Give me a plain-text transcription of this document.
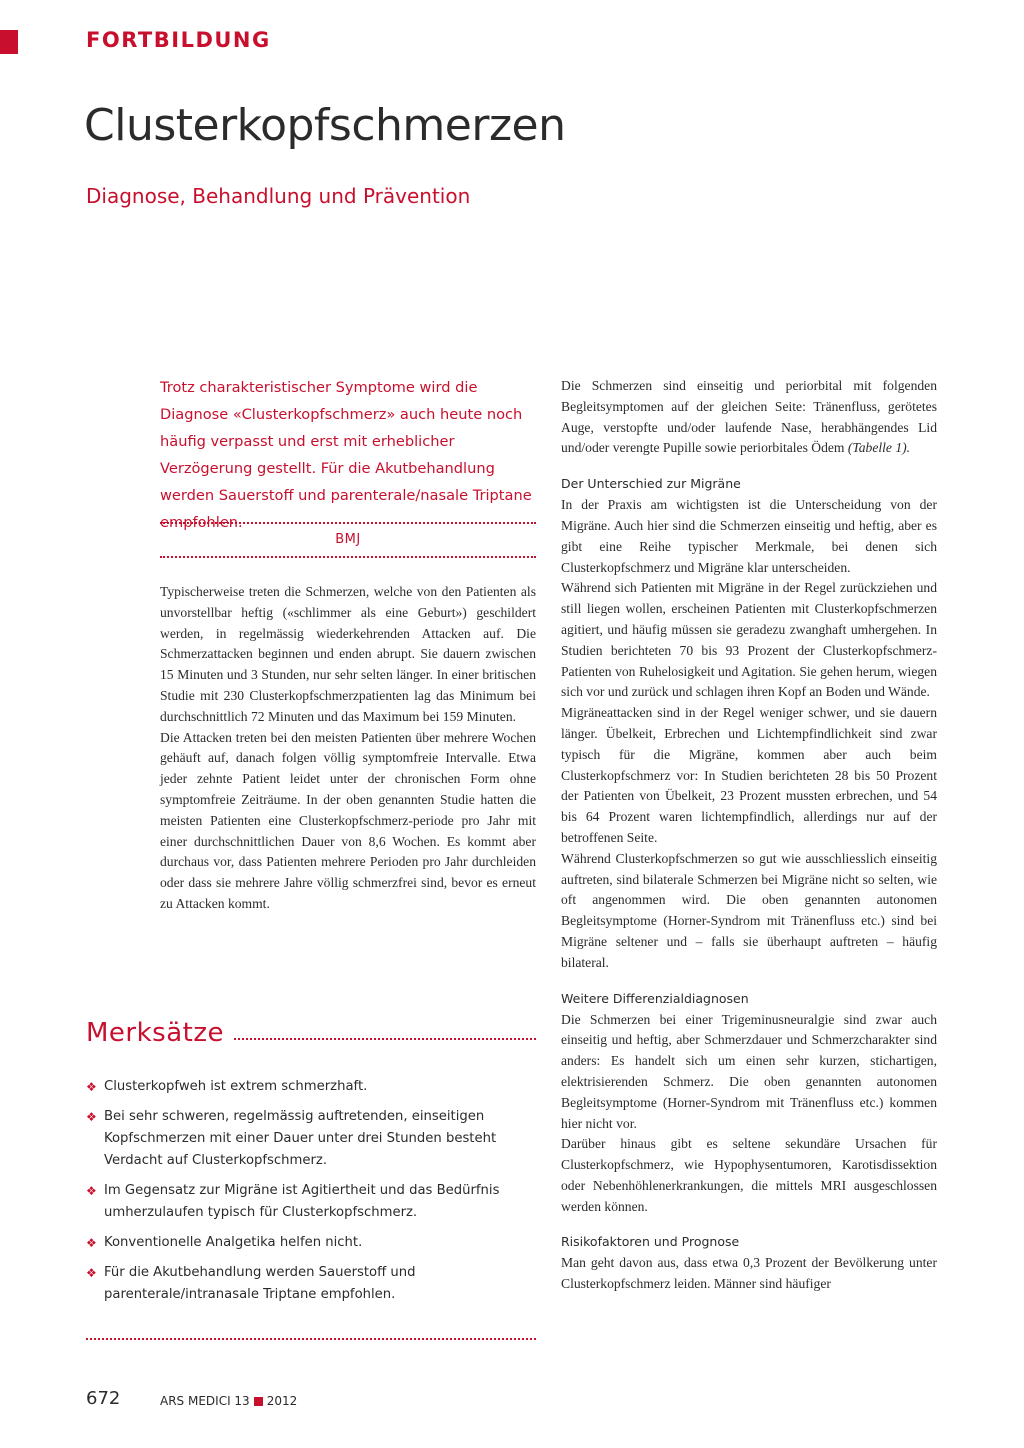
FORTBILDUNG
Clusterkopfschmerzen
Diagnose, Behandlung und Prävention

Trotz charakteristischer Symptome wird die Diagnose «Clusterkopfschmerz» auch heute noch häufig verpasst und erst mit erheblicher Verzögerung gestellt. Für die Akutbehandlung werden Sauerstoff und parenterale/nasale Triptane empfohlen.

BMJ

Typischerweise treten die Schmerzen, welche von den Patienten als unvorstellbar heftig («schlimmer als eine Geburt») geschildert werden, in regelmässig wiederkehrenden Attacken auf. Die Schmerzattacken beginnen und enden abrupt. Sie dauern zwischen 15 Minuten und 3 Stunden, nur sehr selten länger. In einer britischen Studie mit 230 Clusterkopfschmerzpatienten lag das Minimum bei durchschnittlich 72 Minuten und das Maximum bei 159 Minuten.

Die Attacken treten bei den meisten Patienten über mehrere Wochen gehäuft auf, danach folgen völlig symptomfreie Intervalle. Etwa jeder zehnte Patient leidet unter der chronischen Form ohne symptomfreie Zeiträume. In der oben genannten Studie hatten die meisten Patienten eine Clusterkopfschmerz-periode pro Jahr mit einer durchschnittlichen Dauer von 8,6 Wochen. Es kommt aber durchaus vor, dass Patienten mehrere Perioden pro Jahr durchleiden oder dass sie mehrere Jahre völlig schmerzfrei sind, bevor es erneut zu Attacken kommt.

Die Schmerzen sind einseitig und periorbital mit folgenden Begleitsymptomen auf der gleichen Seite: Tränenfluss, gerötetes Auge, verstopfte und/oder laufende Nase, herabhängendes Lid und/oder verengte Pupille sowie periorbitales Ödem (Tabelle 1).

Der Unterschied zur Migräne

In der Praxis am wichtigsten ist die Unterscheidung von der Migräne. Auch hier sind die Schmerzen einseitig und heftig, aber es gibt eine Reihe typischer Merkmale, bei denen sich Clusterkopfschmerz und Migräne klar unterscheiden.

Während sich Patienten mit Migräne in der Regel zurückziehen und still liegen wollen, erscheinen Patienten mit Clusterkopfschmerzen agitiert, und häufig müssen sie geradezu zwanghaft umhergehen. In Studien berichteten 70 bis 93 Prozent der Clusterkopfschmerz-Patienten von Ruhelosigkeit und Agitation. Sie gehen herum, wiegen sich vor und zurück und schlagen ihren Kopf an Boden und Wände.

Migräneattacken sind in der Regel weniger schwer, und sie dauern länger. Übelkeit, Erbrechen und Lichtempfindlichkeit sind zwar typisch für die Migräne, kommen aber auch beim Clusterkopfschmerz vor: In Studien berichteten 28 bis 50 Prozent der Patienten von Übelkeit, 23 Prozent mussten erbrechen, und 54 bis 64 Prozent waren lichtempfindlich, allerdings nur auf der betroffenen Seite.

Während Clusterkopfschmerzen so gut wie ausschliesslich einseitig auftreten, sind bilaterale Schmerzen bei Migräne nicht so selten, wie oft angenommen wird. Die oben genannten autonomen Begleitsymptome (Horner-Syndrom mit Tränenfluss etc.) sind bei Migräne seltener und – falls sie überhaupt auftreten – häufig bilateral.

Weitere Differenzialdiagnosen

Die Schmerzen bei einer Trigeminusneuralgie sind zwar auch einseitig und heftig, aber Schmerzdauer und Schmerzcharakter sind anders: Es handelt sich um einen sehr kurzen, stichartigen, elektrisierenden Schmerz. Die oben genannten autonomen Begleitsymptome (Horner-Syndrom mit Tränenfluss etc.) kommen hier nicht vor.

Darüber hinaus gibt es seltene sekundäre Ursachen für Clusterkopfschmerz, wie Hypophysentumoren, Karotisdissektion oder Nebenhöhlenerkrankungen, die mittels MRI ausgeschlossen werden können.

Risikofaktoren und Prognose

Man geht davon aus, dass etwa 0,3 Prozent der Bevölkerung unter Clusterkopfschmerz leiden. Männer sind häufiger

Merksätze
❖ Clusterkopfweh ist extrem schmerzhaft.
❖ Bei sehr schweren, regelmässig auftretenden, einseitigen Kopfschmerzen mit einer Dauer unter drei Stunden besteht Verdacht auf Clusterkopfschmerz.
❖ Im Gegensatz zur Migräne ist Agitiertheit und das Bedürfnis umherzulaufen typisch für Clusterkopfschmerz.
❖ Konventionelle Analgetika helfen nicht.
❖ Für die Akutbehandlung werden Sauerstoff und parenterale/intranasale Triptane empfohlen.
672	ARS MEDICI 13 2012
